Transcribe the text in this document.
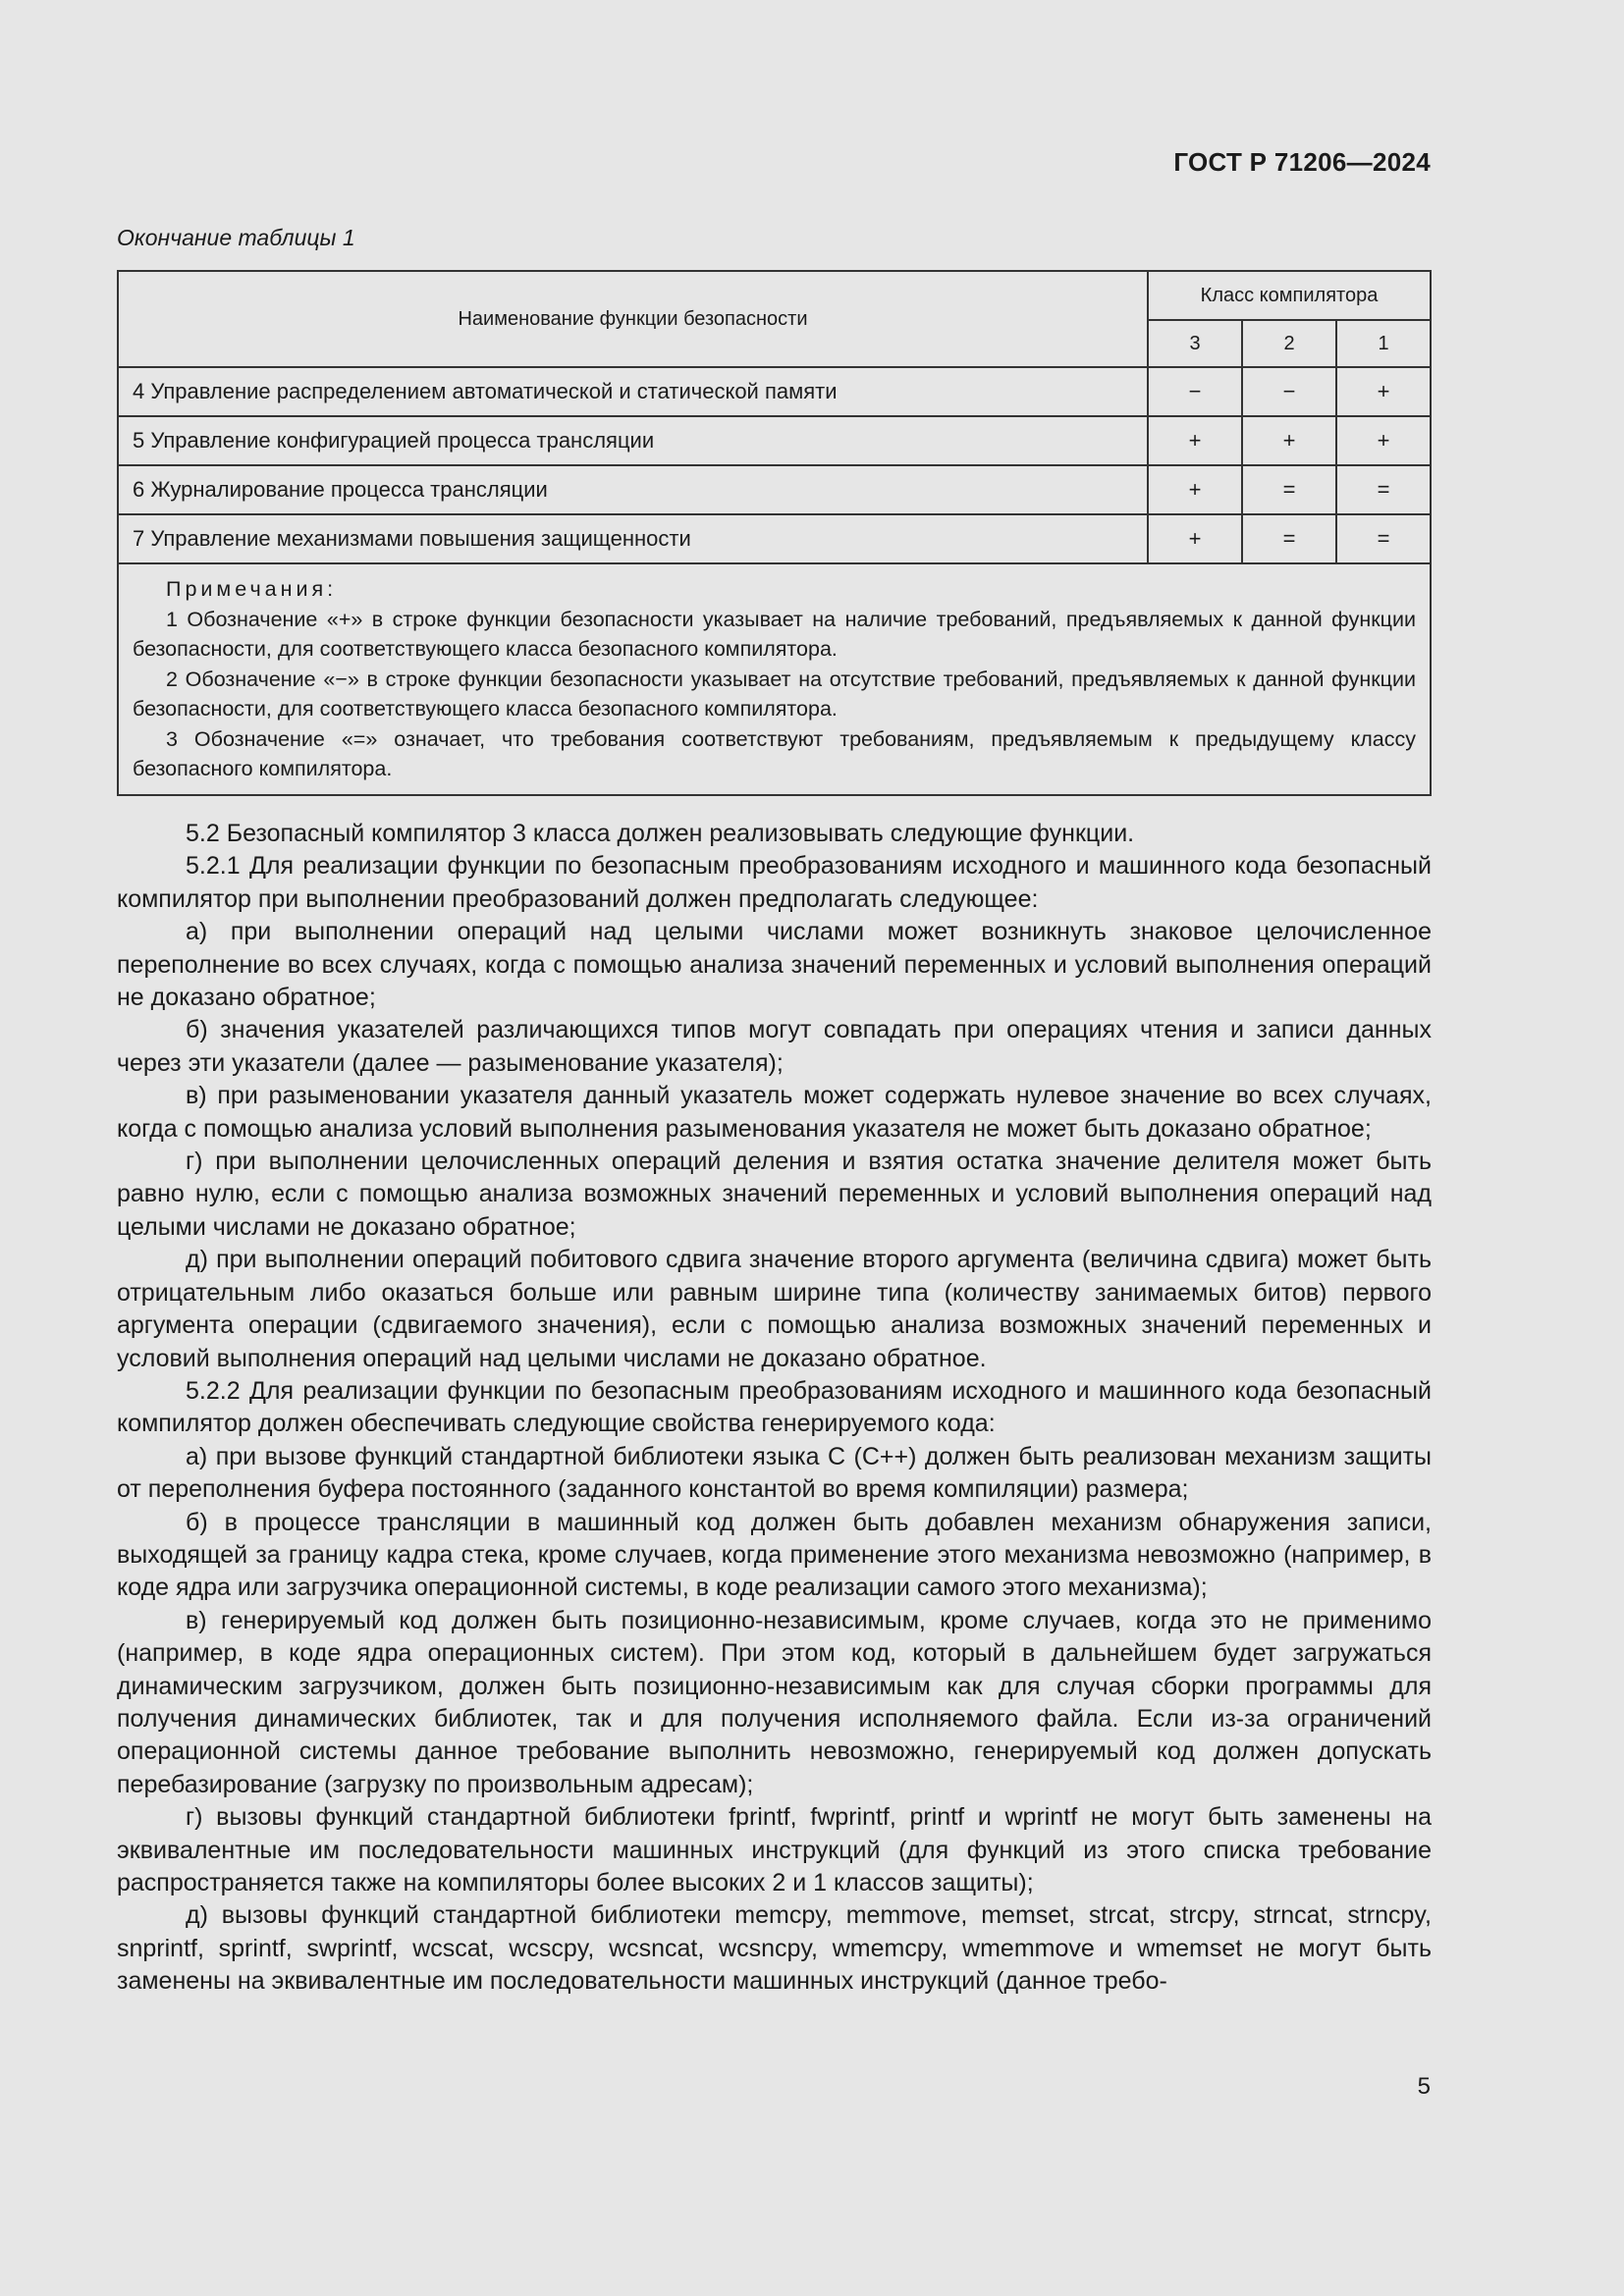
ГОСТ Р 71206—2024
Окончание таблицы 1
Наименование функции безопасности	Класс компилятора		
	3	2	1
4 Управление распределением автоматической и статической памяти	−	−	+
5 Управление конфигурацией процесса трансляции	+	+	+
6 Журналирование процесса трансляции	+	=	=
7 Управление механизмами повышения защищенности	+	=	=

Примечания:

1 Обозначение «+» в строке функции безопасности указывает на наличие требований, предъявляемых к данной функции безопасности, для соответствующего класса безопасного компилятора.

2 Обозначение «−» в строке функции безопасности указывает на отсутствие требований, предъявляемых к данной функции безопасности, для соответствующего класса безопасного компилятора.

3 Обозначение «=» означает, что требования соответствуют требованиям, предъявляемым к предыдущему классу безопасного компилятора.			

5.2 Безопасный компилятор 3 класса должен реализовывать следующие функции.

5.2.1 Для реализации функции по безопасным преобразованиям исходного и машинного кода безопасный компилятор при выполнении преобразований должен предполагать следующее:

а) при выполнении операций над целыми числами может возникнуть знаковое целочисленное переполнение во всех случаях, когда с помощью анализа значений переменных и условий выполнения операций не доказано обратное;

б) значения указателей различающихся типов могут совпадать при операциях чтения и записи данных через эти указатели (далее — разыменование указателя);

в) при разыменовании указателя данный указатель может содержать нулевое значение во всех случаях, когда с помощью анализа условий выполнения разыменования указателя не может быть доказано обратное;

г) при выполнении целочисленных операций деления и взятия остатка значение делителя может быть равно нулю, если с помощью анализа возможных значений переменных и условий выполнения операций над целыми числами не доказано обратное;

д) при выполнении операций побитового сдвига значение второго аргумента (величина сдвига) может быть отрицательным либо оказаться больше или равным ширине типа (количеству занимаемых битов) первого аргумента операции (сдвигаемого значения), если с помощью анализа возможных значений переменных и условий выполнения операций над целыми числами не доказано обратное.

5.2.2 Для реализации функции по безопасным преобразованиям исходного и машинного кода безопасный компилятор должен обеспечивать следующие свойства генерируемого кода:

а) при вызове функций стандартной библиотеки языка C (C++) должен быть реализован механизм защиты от переполнения буфера постоянного (заданного константой во время компиляции) размера;

б) в процессе трансляции в машинный код должен быть добавлен механизм обнаружения записи, выходящей за границу кадра стека, кроме случаев, когда применение этого механизма невозможно (например, в коде ядра или загрузчика операционной системы, в коде реализации самого этого механизма);

в) генерируемый код должен быть позиционно-независимым, кроме случаев, когда это не применимо (например, в коде ядра операционных систем). При этом код, который в дальнейшем будет загружаться динамическим загрузчиком, должен быть позиционно-независимым как для случая сборки программы для получения динамических библиотек, так и для получения исполняемого файла. Если из-за ограничений операционной системы данное требование выполнить невозможно, генерируемый код должен допускать перебазирование (загрузку по произвольным адресам);

г) вызовы функций стандартной библиотеки fprintf, fwprintf, printf и wprintf не могут быть заменены на эквивалентные им последовательности машинных инструкций (для функций из этого списка требование распространяется также на компиляторы более высоких 2 и 1 классов защиты);

д) вызовы функций стандартной библиотеки memcpy, memmove, memset, strcat, strcpy, strncat, strncpy, snprintf, sprintf, swprintf, wcscat, wcscpy, wcsncat, wcsncpy, wmemcpy, wmemmove и wmemset не могут быть заменены на эквивалентные им последовательности машинных инструкций (данное требо-

5
